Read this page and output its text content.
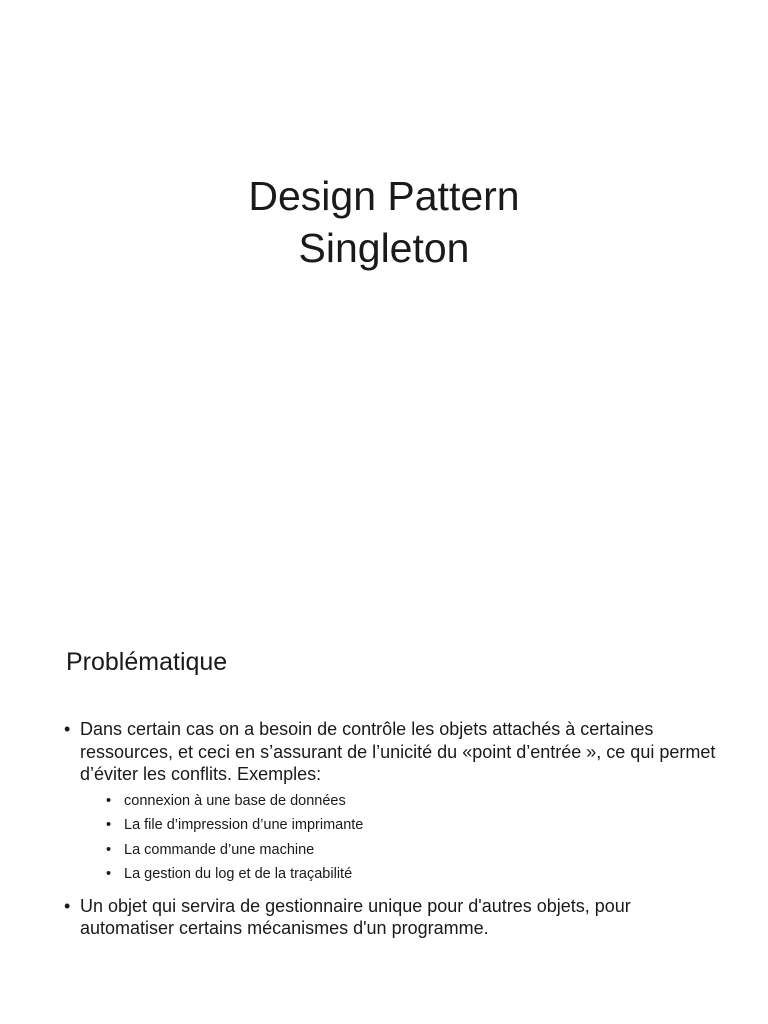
Design Pattern
Singleton
Problématique
• Dans certain cas on a besoin de contrôle les objets attachés à certaines ressources, et ceci en s’assurant de l’unicité du «point d’entrée », ce qui permet d’éviter les conflits. Exemples:
• connexion à une base de données
• La file d’impression d’une imprimante
• La commande d’une machine
• La gestion du log et de la traçabilité
• Un objet qui servira de gestionnaire unique pour d'autres objets, pour automatiser certains mécanismes d'un programme.
